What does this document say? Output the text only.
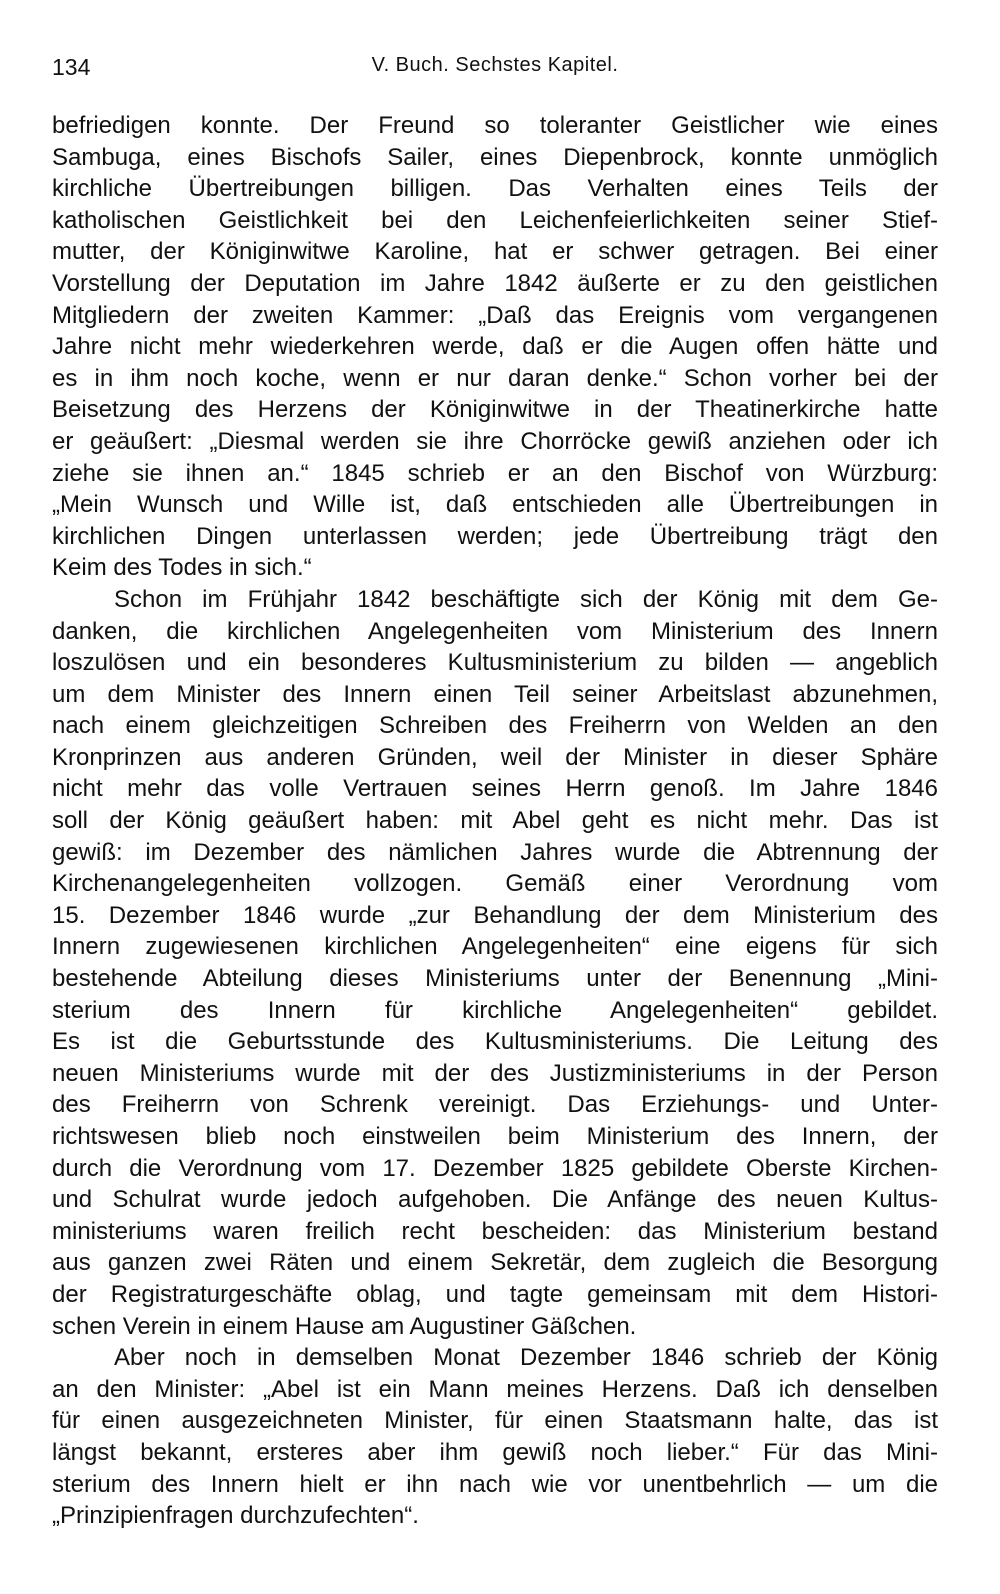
134	V. Buch. Sechstes Kapitel.
befriedigen konnte. Der Freund so toleranter Geistlicher wie eines
Sambuga, eines Bischofs Sailer, eines Diepenbrock, konnte unmöglich
kirchliche Übertreibungen billigen. Das Verhalten eines Teils der
katholischen Geistlichkeit bei den Leichenfeierlichkeiten seiner Stief-
mutter, der Königinwitwe Karoline, hat er schwer getragen. Bei einer
Vorstellung der Deputation im Jahre 1842 äußerte er zu den geistlichen
Mitgliedern der zweiten Kammer: „Daß das Ereignis vom vergangenen
Jahre nicht mehr wiederkehren werde, daß er die Augen offen hätte und
es in ihm noch koche, wenn er nur daran denke.“ Schon vorher bei der
Beisetzung des Herzens der Königinwitwe in der Theatinerkirche hatte
er geäußert: „Diesmal werden sie ihre Chorröcke gewiß anziehen oder ich
ziehe sie ihnen an.“ 1845 schrieb er an den Bischof von Würzburg:
„Mein Wunsch und Wille ist, daß entschieden alle Übertreibungen in
kirchlichen Dingen unterlassen werden; jede Übertreibung trägt den
Keim des Todes in sich.“
Schon im Frühjahr 1842 beschäftigte sich der König mit dem Ge-
danken, die kirchlichen Angelegenheiten vom Ministerium des Innern
loszulösen und ein besonderes Kultusministerium zu bilden — angeblich
um dem Minister des Innern einen Teil seiner Arbeitslast abzunehmen,
nach einem gleichzeitigen Schreiben des Freiherrn von Welden an den
Kronprinzen aus anderen Gründen, weil der Minister in dieser Sphäre
nicht mehr das volle Vertrauen seines Herrn genoß. Im Jahre 1846
soll der König geäußert haben: mit Abel geht es nicht mehr. Das ist
gewiß: im Dezember des nämlichen Jahres wurde die Abtrennung der
Kirchenangelegenheiten vollzogen. Gemäß einer Verordnung vom
15. Dezember 1846 wurde „zur Behandlung der dem Ministerium des
Innern zugewiesenen kirchlichen Angelegenheiten“ eine eigens für sich
bestehende Abteilung dieses Ministeriums unter der Benennung „Mini-
sterium des Innern für kirchliche Angelegenheiten“ gebildet.
Es ist die Geburtsstunde des Kultusministeriums. Die Leitung des
neuen Ministeriums wurde mit der des Justizministeriums in der Person
des Freiherrn von Schrenk vereinigt. Das Erziehungs- und Unter-
richtswesen blieb noch einstweilen beim Ministerium des Innern, der
durch die Verordnung vom 17. Dezember 1825 gebildete Oberste Kirchen-
und Schulrat wurde jedoch aufgehoben. Die Anfänge des neuen Kultus-
ministeriums waren freilich recht bescheiden: das Ministerium bestand
aus ganzen zwei Räten und einem Sekretär, dem zugleich die Besorgung
der Registraturgeschäfte oblag, und tagte gemeinsam mit dem Histori-
schen Verein in einem Hause am Augustiner Gäßchen.
Aber noch in demselben Monat Dezember 1846 schrieb der König
an den Minister: „Abel ist ein Mann meines Herzens. Daß ich denselben
für einen ausgezeichneten Minister, für einen Staatsmann halte, das ist
längst bekannt, ersteres aber ihm gewiß noch lieber.“ Für das Mini-
sterium des Innern hielt er ihn nach wie vor unentbehrlich — um die
„Prinzipienfragen durchzufechten“.
